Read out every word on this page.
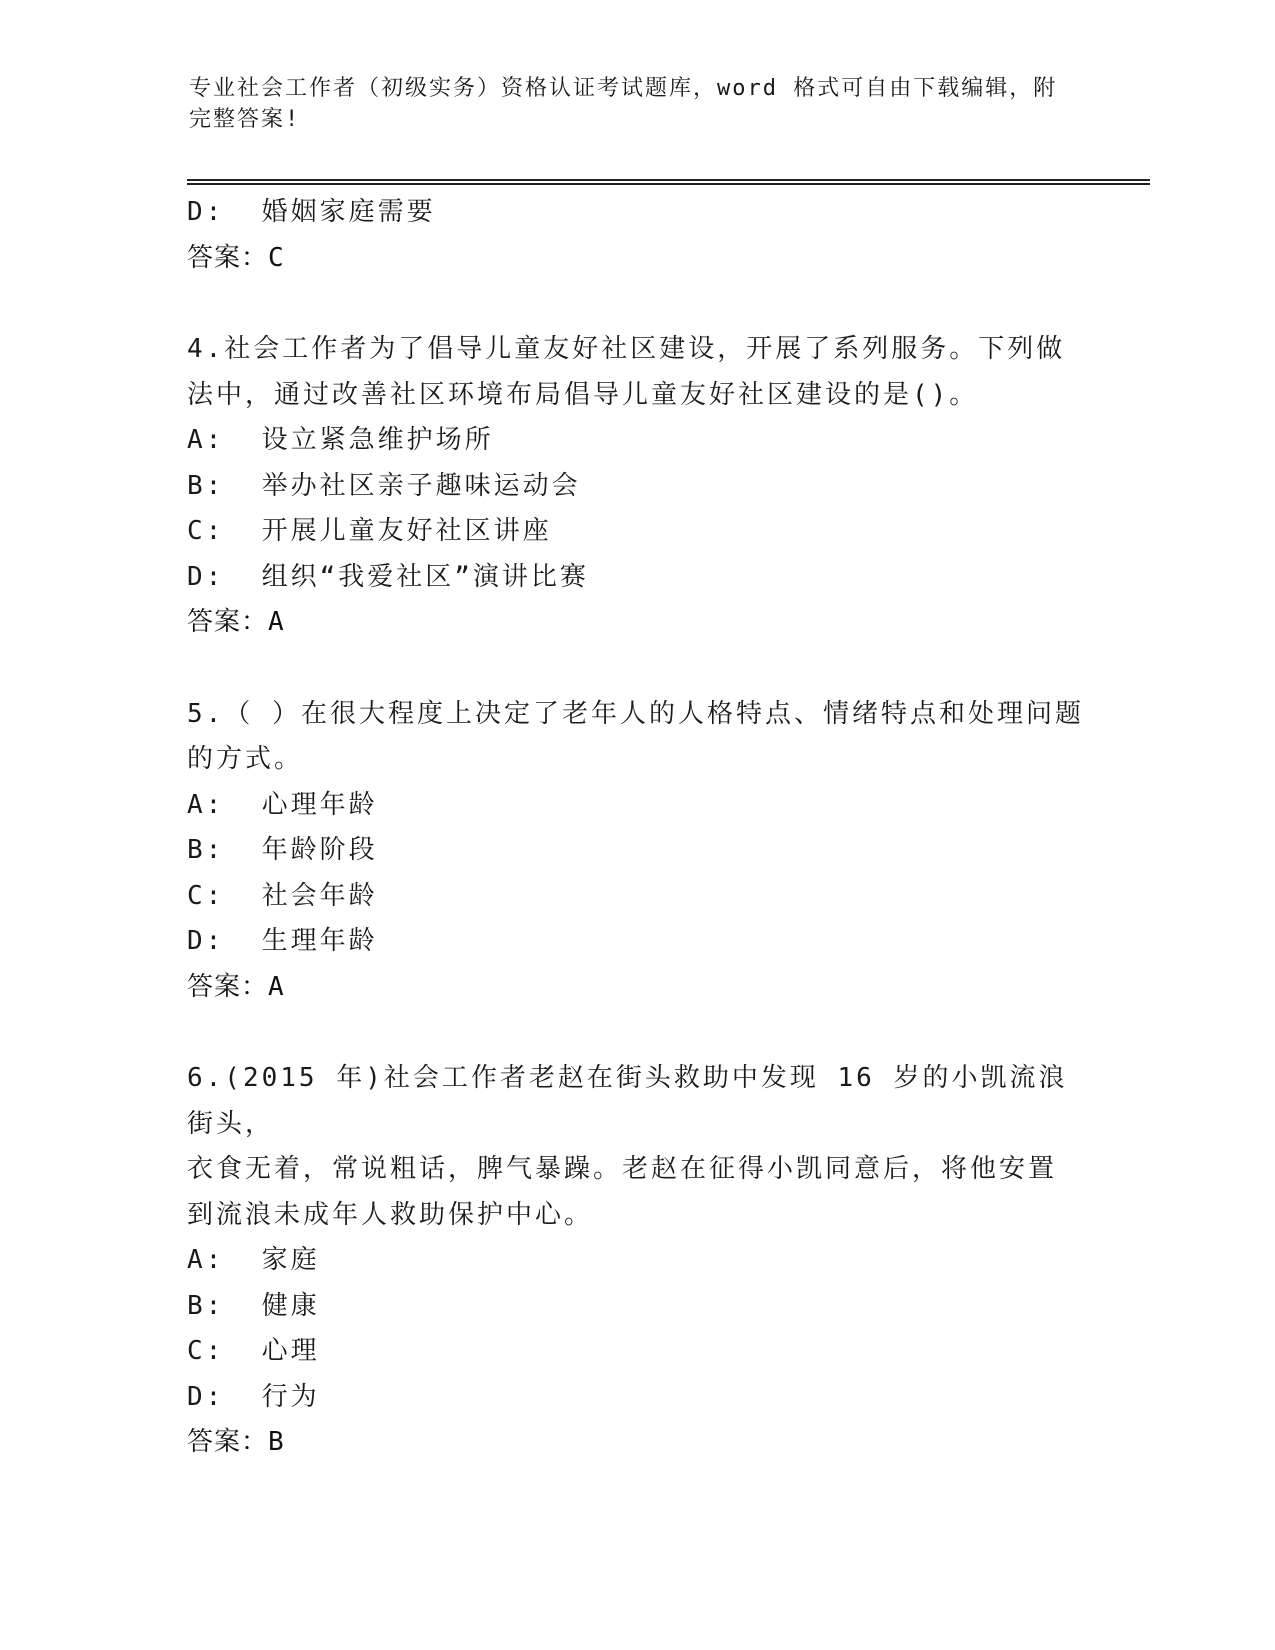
专业社会工作者（初级实务）资格认证考试题库，word 格式可自由下载编辑，附
完整答案!
D:  婚姻家庭需要
答案：C
4.社会工作者为了倡导儿童友好社区建设，开展了系列服务。下列做
法中，通过改善社区环境布局倡导儿童友好社区建设的是()。
A:  设立紧急维护场所
B:  举办社区亲子趣味运动会
C:  开展儿童友好社区讲座
D:  组织“我爱社区”演讲比赛
答案：A
5.（ ）在很大程度上决定了老年人的人格特点、情绪特点和处理问题
的方式。
A:  心理年龄
B:  年龄阶段
C:  社会年龄
D:  生理年龄
答案：A
6.(2015 年)社会工作者老赵在街头救助中发现 16 岁的小凯流浪街头，
衣食无着，常说粗话，脾气暴躁。老赵在征得小凯同意后，将他安置
到流浪未成年人救助保护中心。
A:  家庭
B:  健康
C:  心理
D:  行为
答案：B
